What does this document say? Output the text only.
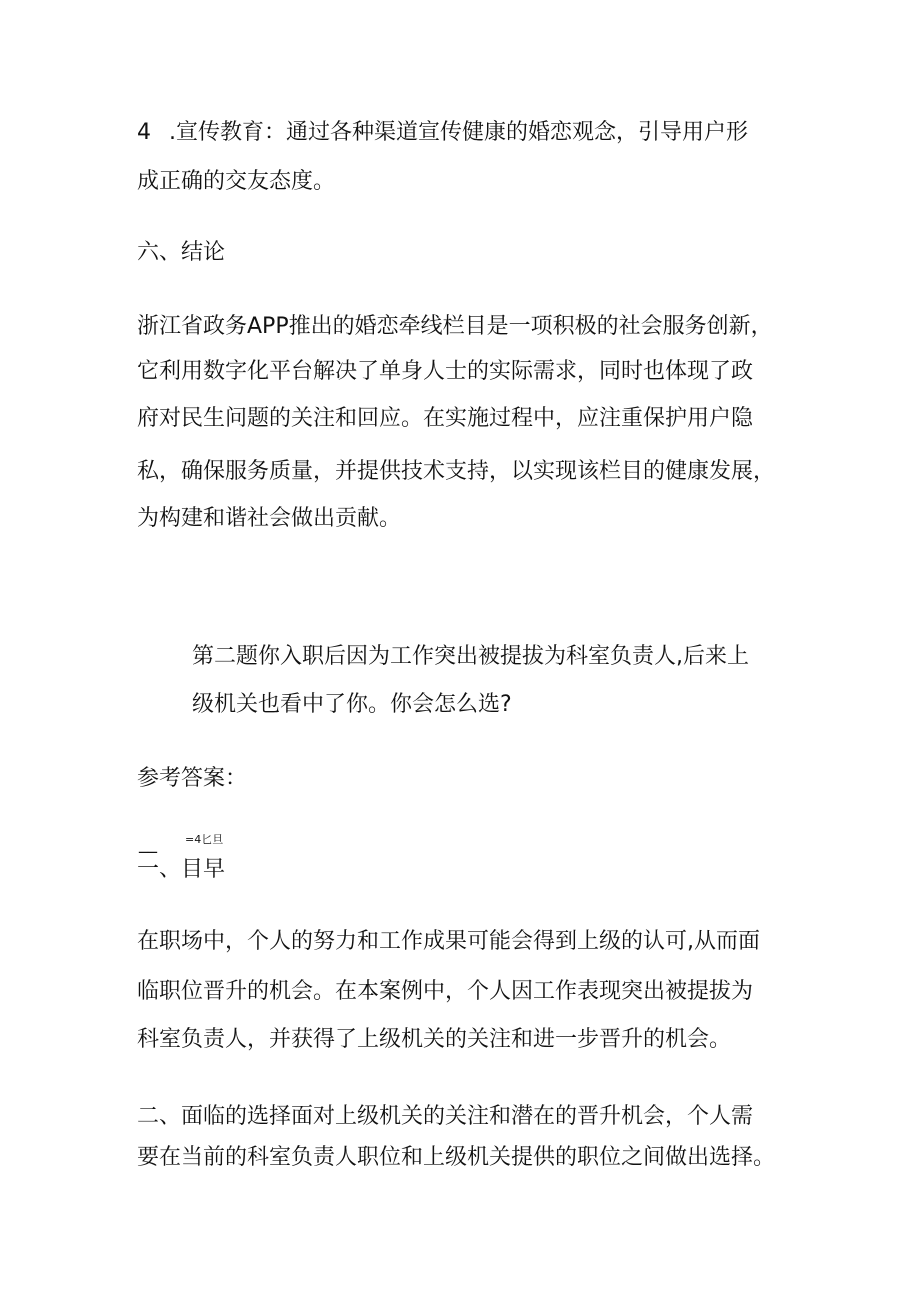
4 .宣传教育：通过各种渠道宣传健康的婚恋观念，引导用户形
成正确的交友态度。
六、结论
浙江省政务APP推出的婚恋牵线栏目是一项积极的社会服务创新，
它利用数字化平台解决了单身人士的实际需求，同时也体现了政
府对民生问题的关注和回应。在实施过程中，应注重保护用户隐
私，确保服务质量，并提供技术支持，以实现该栏目的健康发展，
为构建和谐社会做出贡献。
第二题你入职后因为工作突出被提拔为科室负责人,后来上
级机关也看中了你。你会怎么选?
参考答案：
__	=4匕旦
一、目早
在职场中，个人的努力和工作成果可能会得到上级的认可,从而面
临职位晋升的机会。在本案例中，个人因工作表现突出被提拔为
科室负责人，并获得了上级机关的关注和进一步晋升的机会。
二、面临的选择面对上级机关的关注和潜在的晋升机会，个人需
要在当前的科室负责人职位和上级机关提供的职位之间做出选择。
